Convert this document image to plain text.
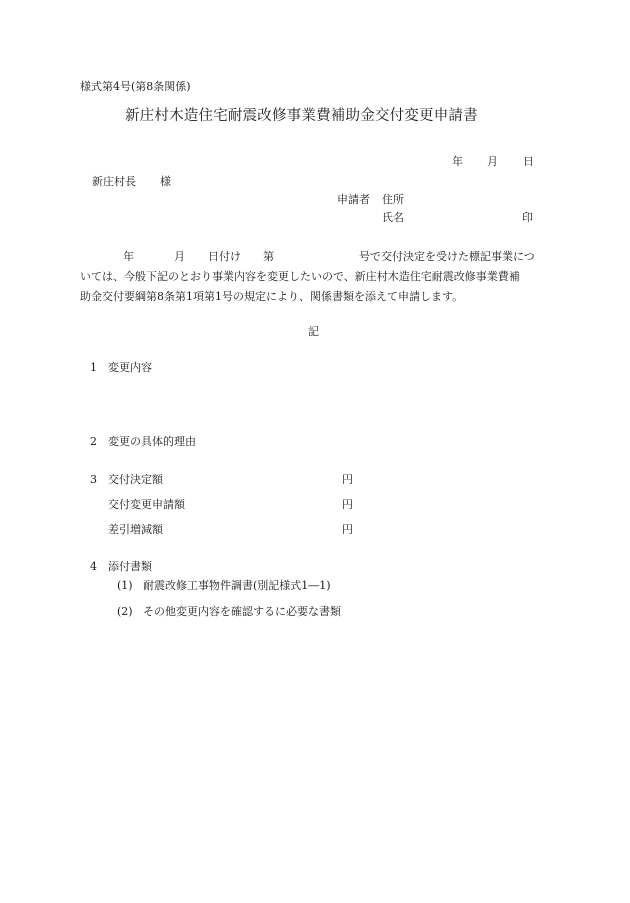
様式第4号(第8条関係)
新庄村木造住宅耐震改修事業費補助金交付変更申請書
年 月 日
新庄村長 様
申請者 住所
氏名	印
年	月 日付け 第	号で交付決定を受けた標記事業につ
いては、今般下記のとおり事業内容を変更したいので、新庄村木造住宅耐震改修事業費補
助金交付要綱第8条第1項第1号の規定により、関係書類を添えて申請します。
記
1 変更内容
2 変更の具体的理由
3 交付決定額	円
交付変更申請額	円
差引増減額	円
4 添付書類
(1) 耐震改修工事物件調書(別記様式1―1)
(2) その他変更内容を確認するに必要な書類
